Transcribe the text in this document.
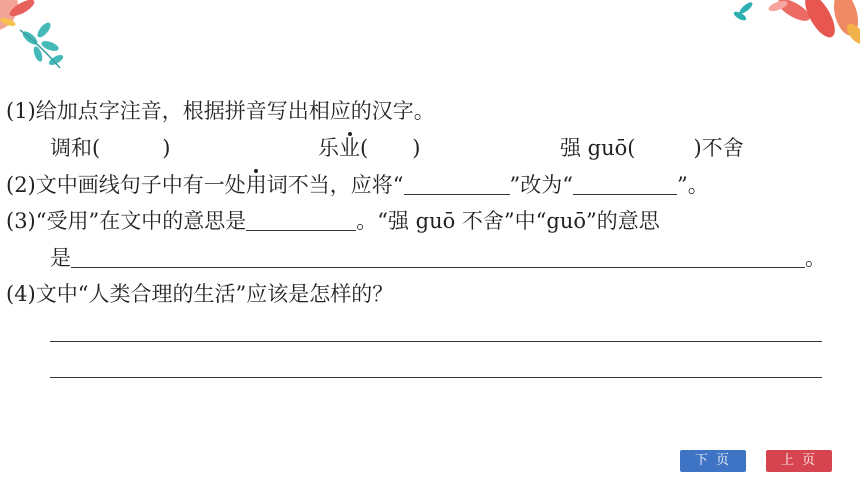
(1)给加点字注音，根据拼音写出相应的汉字。
调和(	)	乐业( )	强 guō(	)不舍
(2)文中画线句子中有一处用词不当，应将“	”改为“	”。
(3)“受用”在文中的意思是	。“强 guō 不舍”中“guō”的意思
是	。
(4)文中“人类合理的生活”应该是怎样的？
下 页	上 页
